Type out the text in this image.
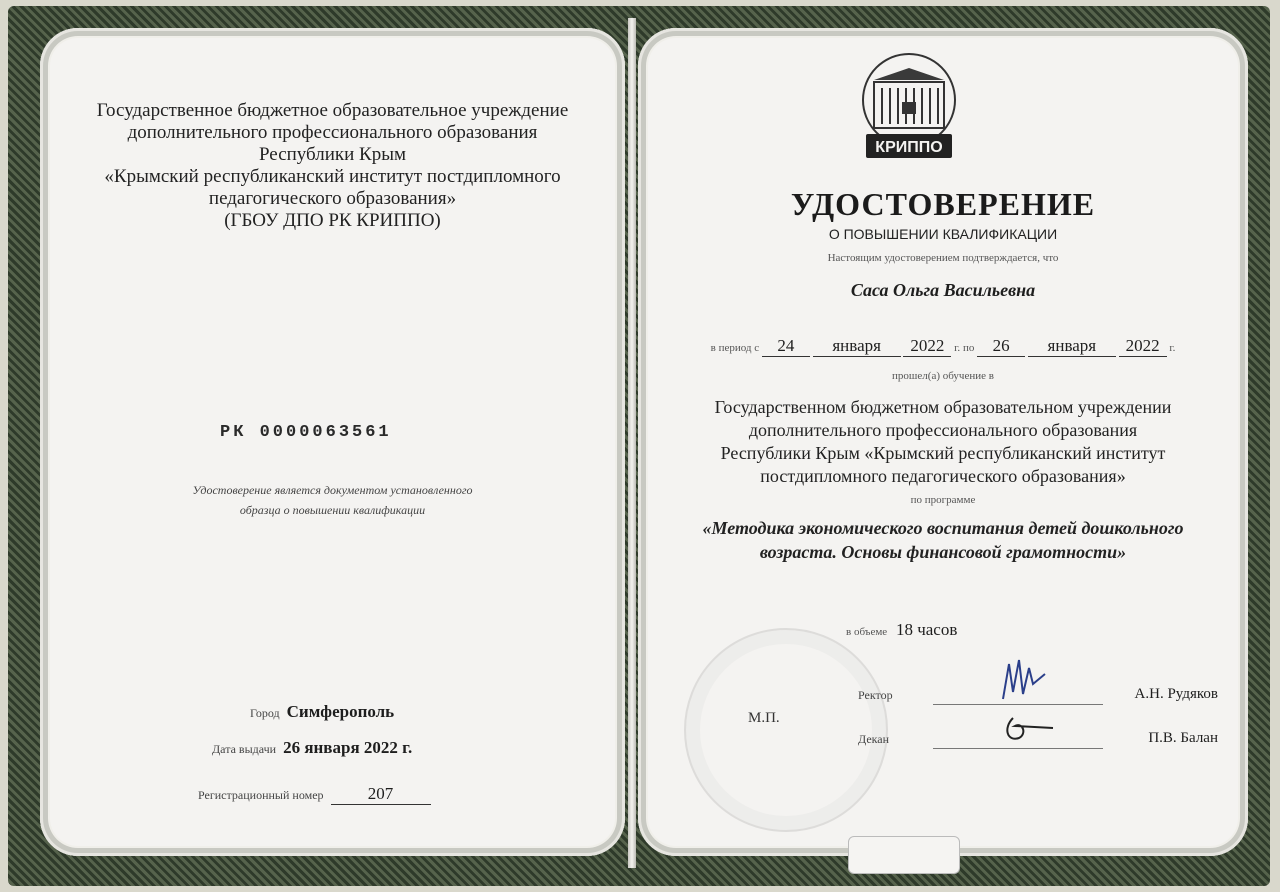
Государственное бюджетное образовательное учреждение
дополнительного профессионального образования
Республики Крым
«Крымский республиканский институт постдипломного
педагогического образования»
(ГБОУ ДПО РК КРИППО)
РК 0000063561
Удостоверение является документом установленного
образца о повышении квалификации
Город Симферополь
Дата выдачи 26 января 2022 г.
Регистрационный номер	207
КРИППО
УДОСТОВЕРЕНИЕ
О ПОВЫШЕНИИ КВАЛИФИКАЦИИ
Настоящим удостоверением подтверждается, что
Саса Ольга Васильевна
в период с 24 января 2022 г. по 26 января 2022 г.
прошел(а) обучение в
Государственном бюджетном образовательном учреждении
дополнительного профессионального образования
Республики Крым «Крымский республиканский институт
постдипломного педагогического образования»
по программе
«Методика экономического воспитания детей дошкольного
возраста. Основы финансовой грамотности»
в объеме 18 часов
М.П.
Ректор	А.Н. Рудяков
Декан	П.В. Балан
